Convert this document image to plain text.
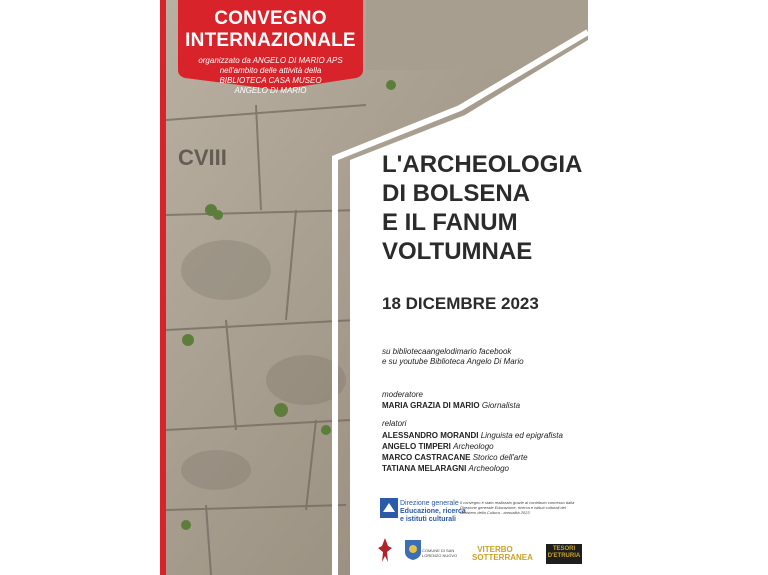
CVIII
CONVEGNO
INTERNAZIONALE
organizzato da ANGELO DI MARIO APS
nell'ambito delle attività della
BIBLIOTECA CASA MUSEO
ANGELO DI MARIO
L'ARCHEOLOGIA
DI BOLSENA
E IL FANUM
VOLTUMNAE
18 DICEMBRE 2023
su bibliotecaangelodimario facebook
e su youtube Biblioteca Angelo Di Mario
moderatore
MARIA GRAZIA DI MARIO Giornalista
relatori
ALESSANDRO MORANDI Linguista ed epigrafista
ANGELO TIMPERI Archeologo
MARCO CASTRACANE Storico dell'arte
TATIANA MELARAGNI Archeologo
Direzione generale
Educazione, ricerca
e istituti culturali
Il convegno è stato realizzato grazie al contributo concesso dalla Direzione generale Educazione, ricerca e istituti culturali del Ministero della Cultura - annualità 2023
COMUNE DI SAN LORENZO NUOVO
VITERBO SOTTERRANEA
TESORI D'ETRURIA
